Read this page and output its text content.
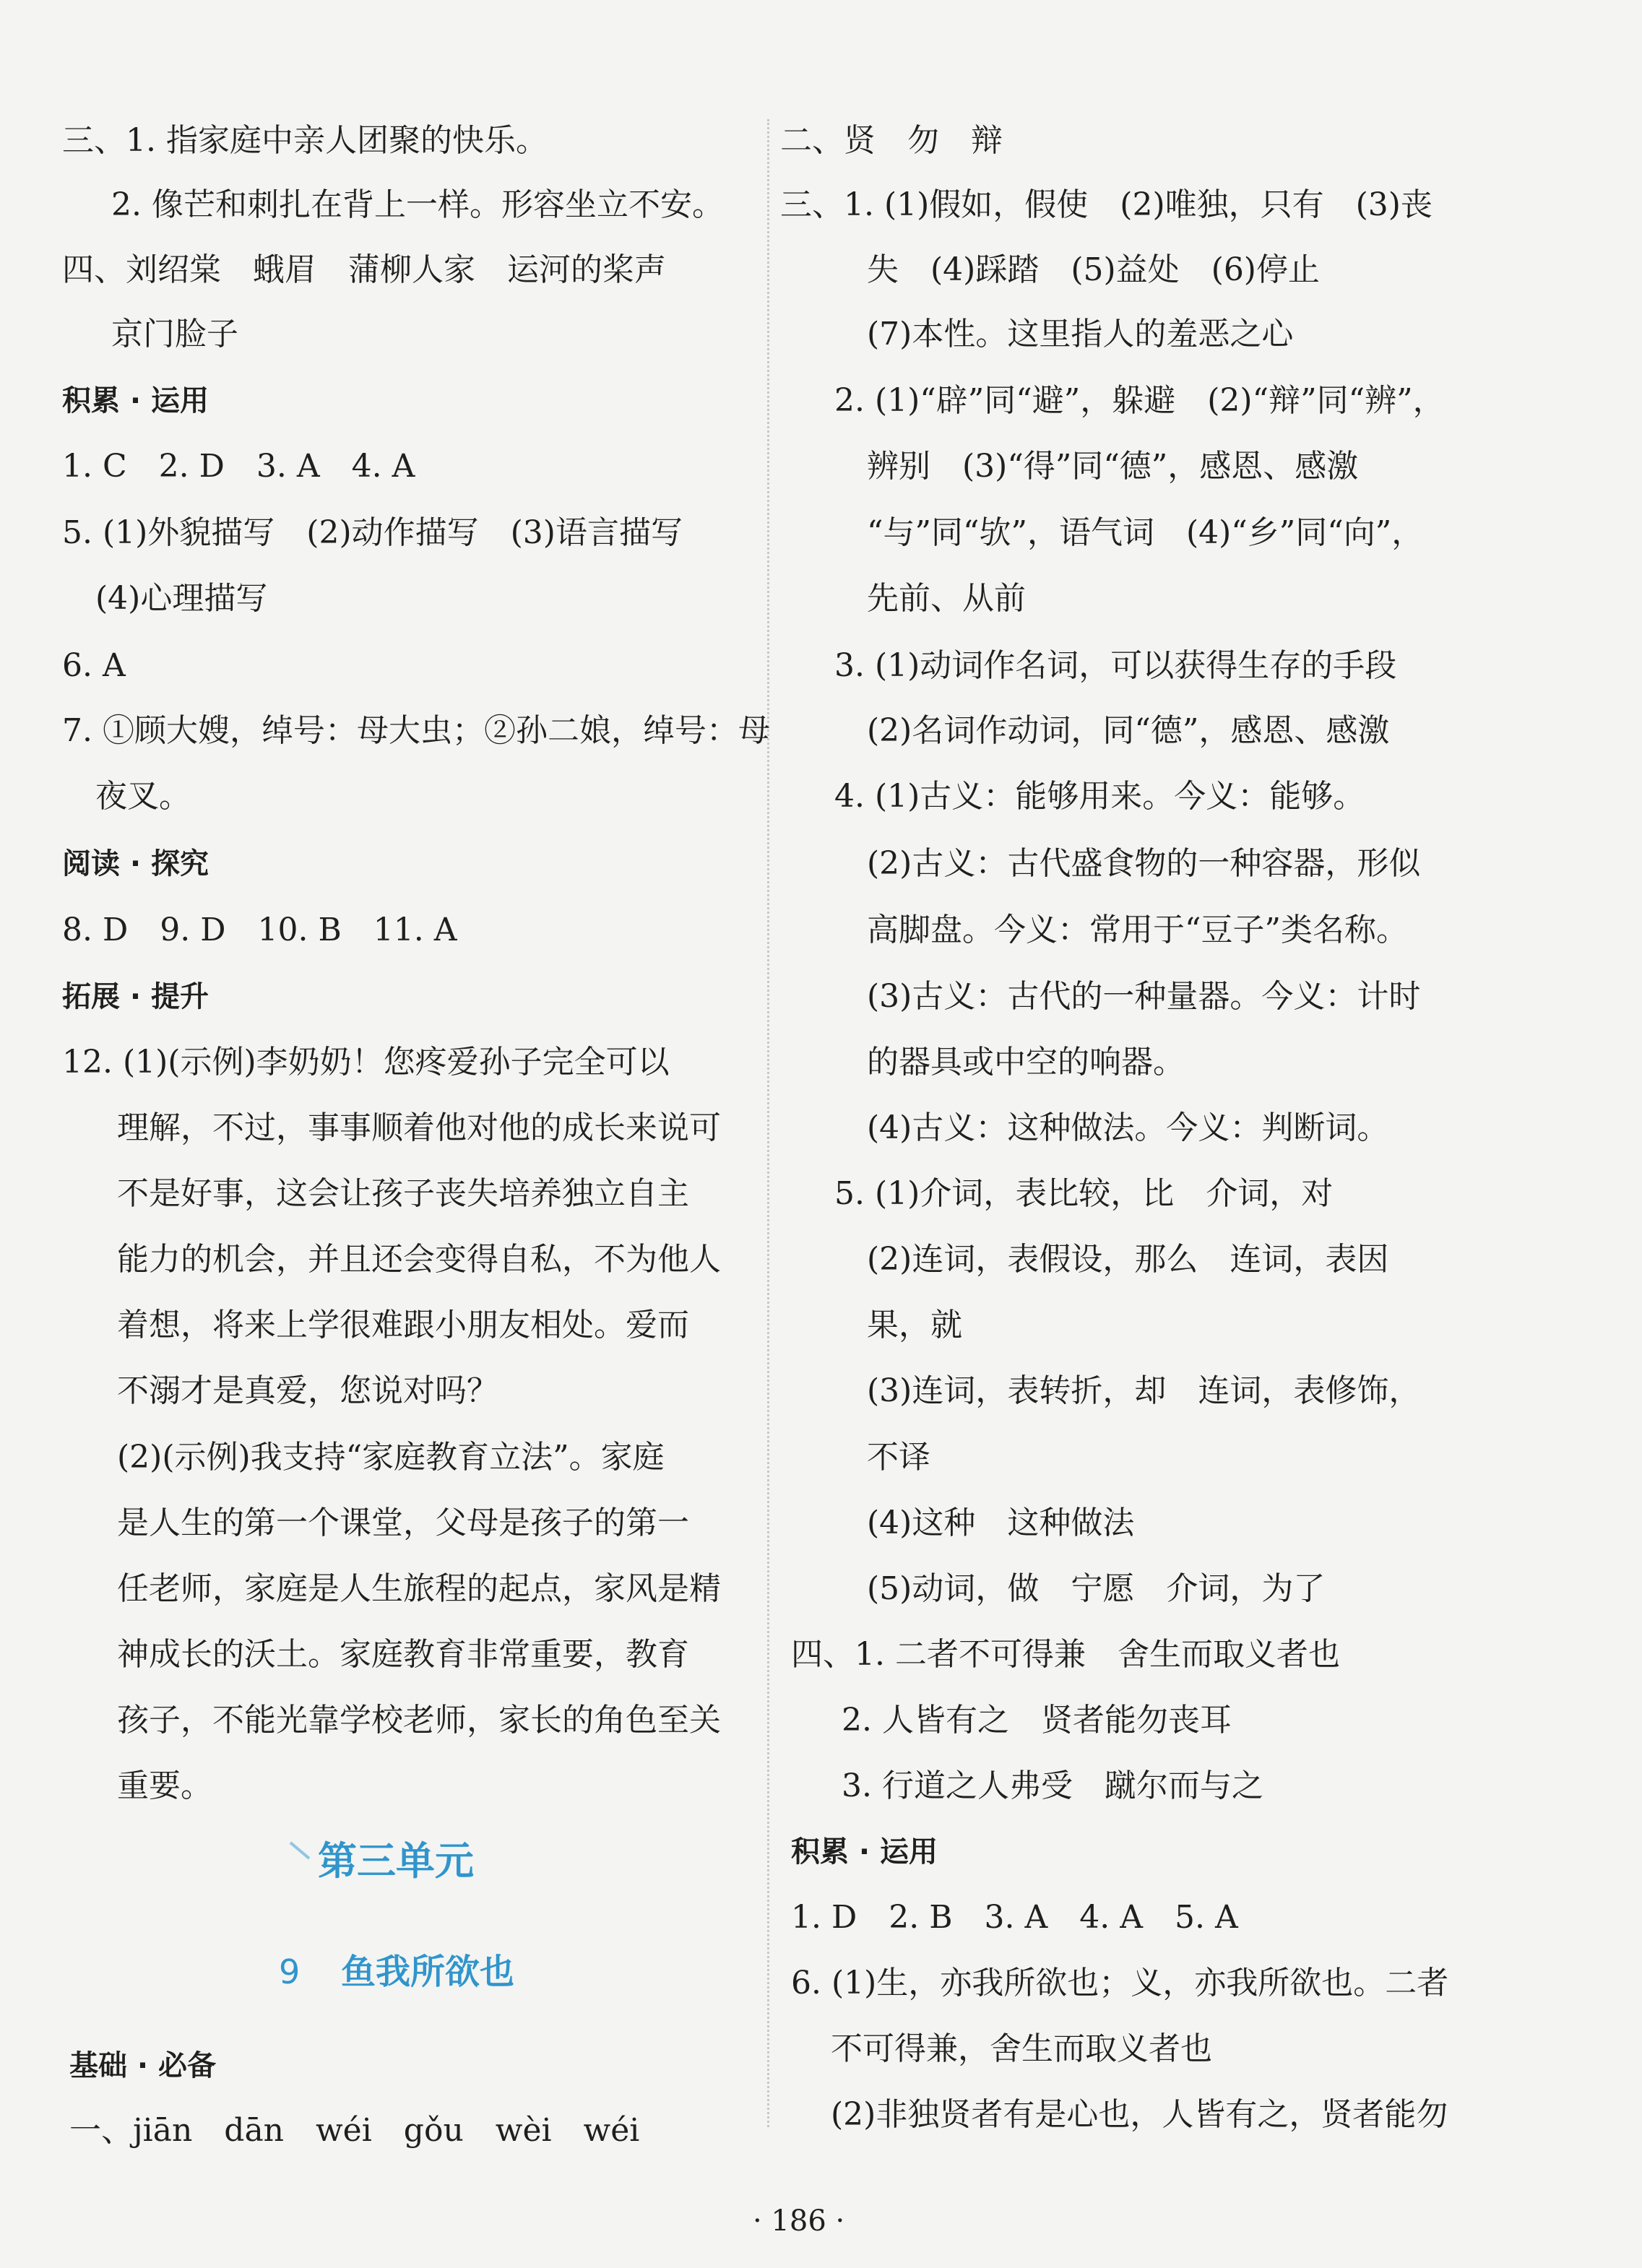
三、1. 指家庭中亲人团聚的快乐。
2. 像芒和刺扎在背上一样。形容坐立不安。
四、刘绍棠　蛾眉　蒲柳人家　运河的桨声
京门脸子
积累 · 运用
1. C　2. D　3. A　4. A
5. (1)外貌描写　(2)动作描写　(3)语言描写
(4)心理描写
6. A
7. ①顾大嫂，绰号：母大虫；②孙二娘，绰号：母
夜叉。
阅读 · 探究
8. D　9. D　10. B　11. A
拓展 · 提升
12. (1)(示例)李奶奶！您疼爱孙子完全可以
理解，不过，事事顺着他对他的成长来说可
不是好事，这会让孩子丧失培养独立自主
能力的机会，并且还会变得自私，不为他人
着想，将来上学很难跟小朋友相处。爱而
不溺才是真爱，您说对吗？
(2)(示例)我支持“家庭教育立法”。家庭
是人生的第一个课堂，父母是孩子的第一
任老师，家庭是人生旅程的起点，家风是精
神成长的沃土。家庭教育非常重要，教育
孩子，不能光靠学校老师，家长的角色至关
重要。
第三单元
9 鱼我所欲也
基础 · 必备
一、jiān　dān　wéi　gǒu　wèi　wéi
二、贤　勿　辩
三、1. (1)假如，假使　(2)唯独，只有　(3)丧
失　(4)踩踏　(5)益处　(6)停止
(7)本性。这里指人的羞恶之心
2. (1)“辟”同“避”，躲避　(2)“辩”同“辨”，
辨别　(3)“得”同“德”，感恩、感激
“与”同“欤”，语气词　(4)“乡”同“向”，
先前、从前
3. (1)动词作名词，可以获得生存的手段
(2)名词作动词，同“德”，感恩、感激
4. (1)古义：能够用来。今义：能够。
(2)古义：古代盛食物的一种容器，形似
高脚盘。今义：常用于“豆子”类名称。
(3)古义：古代的一种量器。今义：计时
的器具或中空的响器。
(4)古义：这种做法。今义：判断词。
5. (1)介词，表比较，比　介词，对
(2)连词，表假设，那么　连词，表因
果，就
(3)连词，表转折，却　连词，表修饰，
不译
(4)这种　这种做法
(5)动词，做　宁愿　介词，为了
四、1. 二者不可得兼　舍生而取义者也
2. 人皆有之　贤者能勿丧耳
3. 行道之人弗受　蹴尔而与之
积累 · 运用
1. D　2. B　3. A　4. A　5. A
6. (1)生，亦我所欲也；义，亦我所欲也。二者
不可得兼，舍生而取义者也
(2)非独贤者有是心也，人皆有之，贤者能勿
· 186 ·
